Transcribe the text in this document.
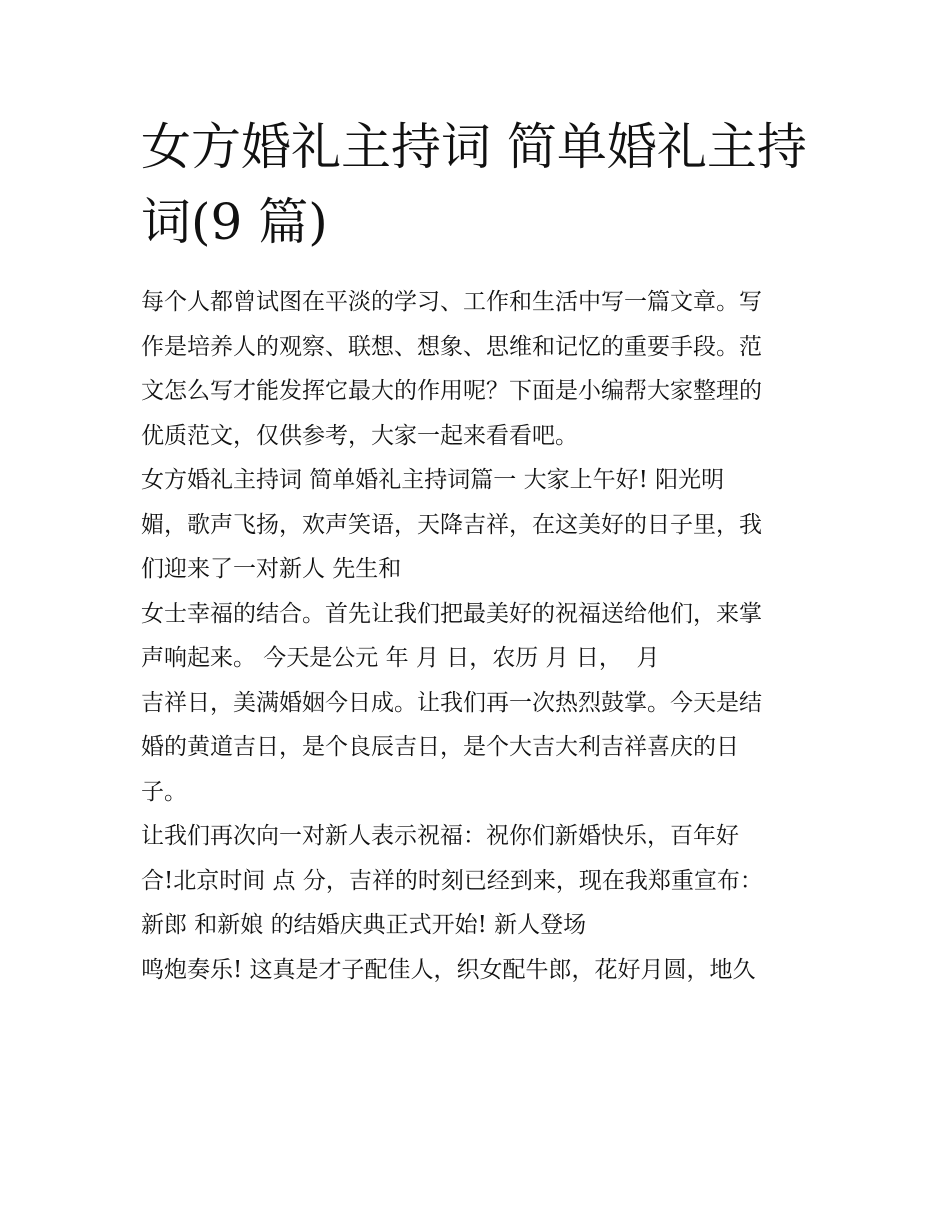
女方婚礼主持词 简单婚礼主持
词(9 篇)
每个人都曾试图在平淡的学习、工作和生活中写一篇文章。写
作是培养人的观察、联想、想象、思维和记忆的重要手段。范
文怎么写才能发挥它最大的作用呢？下面是小编帮大家整理的
优质范文，仅供参考，大家一起来看看吧。
女方婚礼主持词 简单婚礼主持词篇一 大家上午好! 阳光明
媚，歌声飞扬，欢声笑语，天降吉祥，在这美好的日子里，我
们迎来了一对新人 先生和
女士幸福的结合。首先让我们把最美好的祝福送给他们，来掌
声响起来。 今天是公元 年 月 日，农历 月 日，  月
吉祥日，美满婚姻今日成。让我们再一次热烈鼓掌。今天是结
婚的黄道吉日，是个良辰吉日，是个大吉大利吉祥喜庆的日
子。
让我们再次向一对新人表示祝福：祝你们新婚快乐，百年好
合!北京时间 点 分，吉祥的时刻已经到来，现在我郑重宣布：
新郎 和新娘 的结婚庆典正式开始! 新人登场
鸣炮奏乐! 这真是才子配佳人，织女配牛郎，花好月圆，地久
